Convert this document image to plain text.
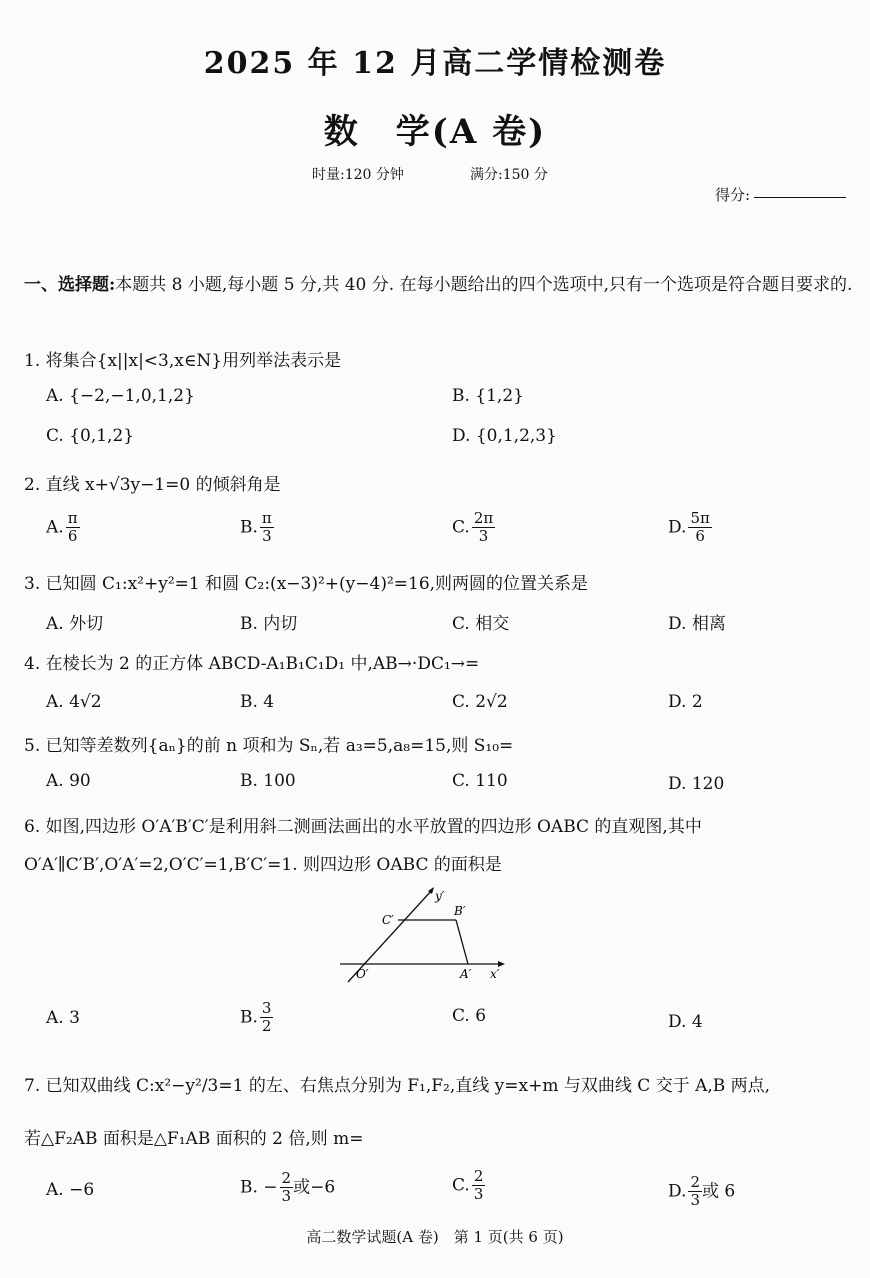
2025 年 12 月高二学情检测卷
数　学(A 卷)
时量:120 分钟	满分:150 分
得分:
一、选择题:本题共 8 小题,每小题 5 分,共 40 分. 在每小题给出的四个选项中,只有一个选项是符合题目要求的.
1. 将集合{x||x|<3,x∈N}用列举法表示是
A. {−2,−1,0,1,2}	B. {1,2}
C. {0,1,2}	D. {0,1,2,3}
2. 直线 x+√3y−1=0 的倾斜角是
A. $\frac{\pi}{6}$	B. $\frac{\pi}{3}$	C. $\frac{2\pi}{3}$	D. $\frac{5\pi}{6}$
3. 已知圆 C₁:x²+y²=1 和圆 C₂:(x−3)²+(y−4)²=16,则两圆的位置关系是
A. 外切	B. 内切	C. 相交	D. 相离
4. 在棱长为 2 的正方体 ABCD-A₁B₁C₁D₁ 中,AB→·DC₁→=
A. 4√2	B. 4	C. 2√2	D. 2
5. 已知等差数列{aₙ}的前 n 项和为 Sₙ,若 a₃=5,a₈=15,则 S₁₀=
A. 90	B. 100	C. 110	D. 120
6. 如图,四边形 O′A′B′C′是利用斜二测画法画出的水平放置的四边形 OABC 的直观图,其中
O′A′∥C′B′,O′A′=2,O′C′=1,B′C′=1. 则四边形 OABC 的面积是
y′
x′
O′	A′
B′
C′
A. 3	B. $\frac{3}{2}$	C. 6	D. 4
7. 已知双曲线 C:x²−y²/3=1 的左、右焦点分别为 F₁,F₂,直线 y=x+m 与双曲线 C 交于 A,B 两点,
若△F₂AB 面积是△F₁AB 面积的 2 倍,则 m=
A. −6	B. − $\frac{2}{3}$ 或−6	C. $\frac{2}{3}$	D. $\frac{2}{3}$ 或 6
高二数学试题(A 卷)　第 1 页(共 6 页)
